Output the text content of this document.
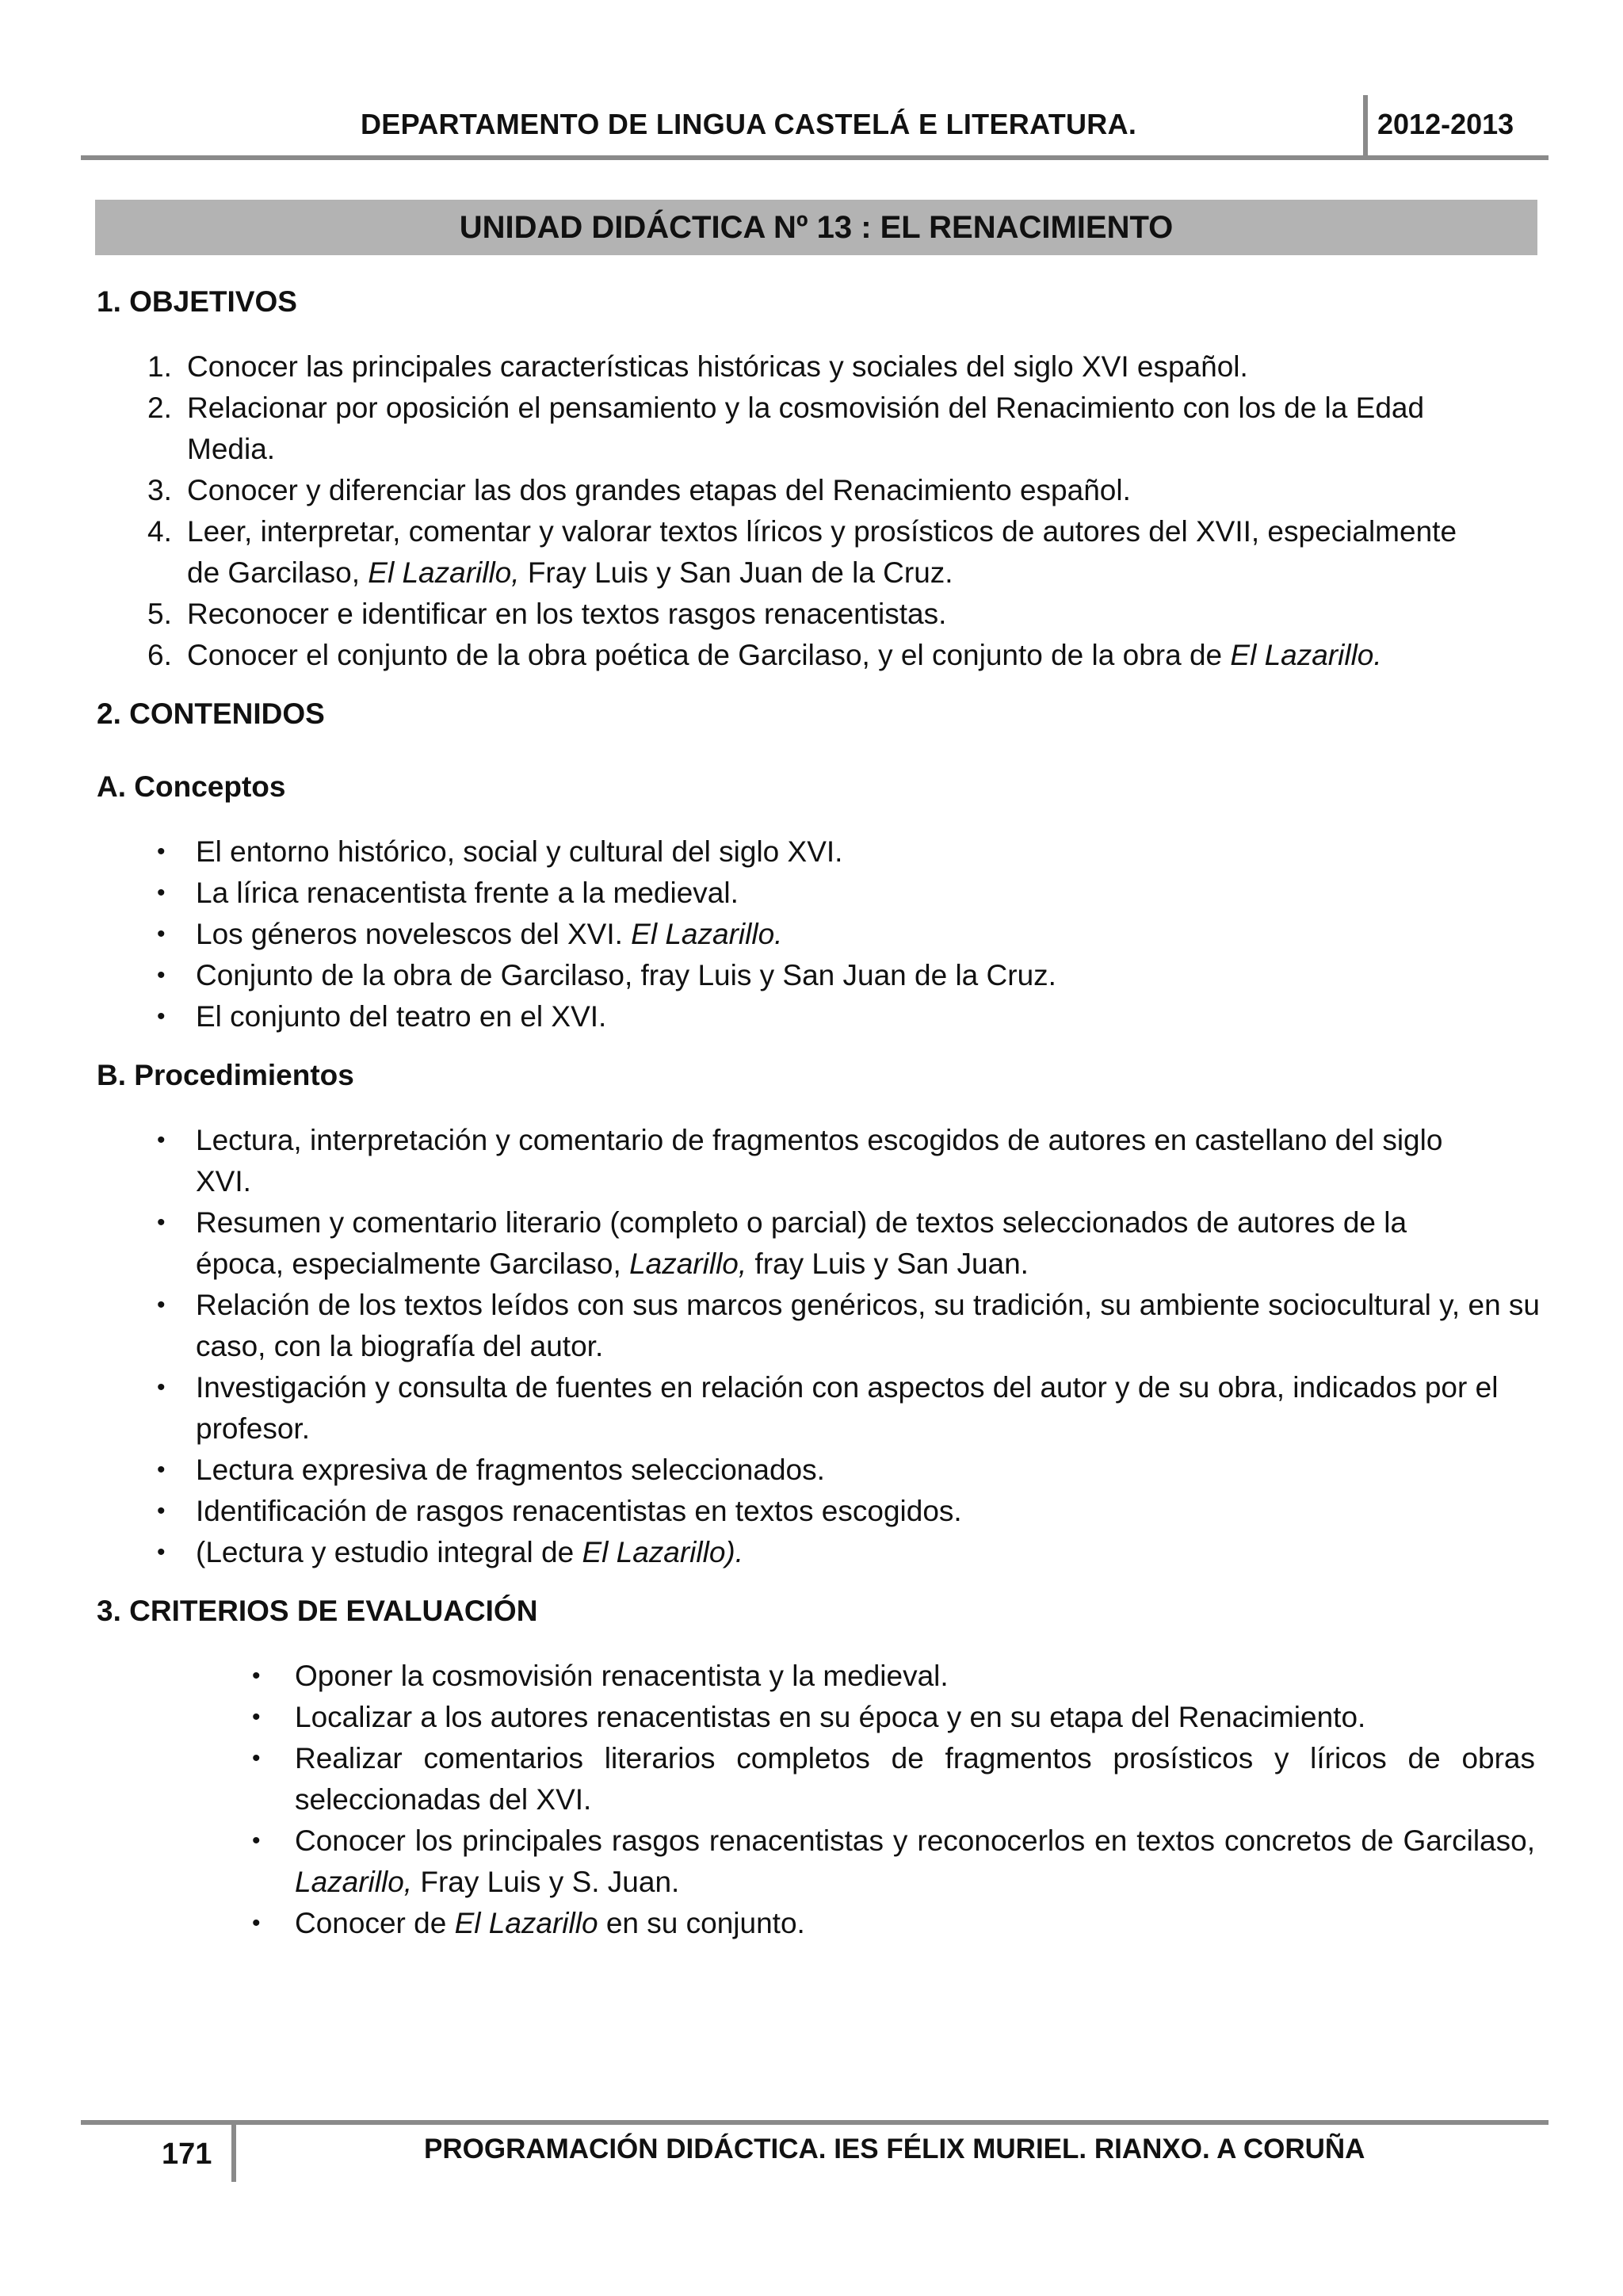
DEPARTAMENTO DE LINGUA CASTELÁ E LITERATURA.	2012-2013
UNIDAD DIDÁCTICA Nº 13 : EL RENACIMIENTO

1. OBJETIVOS

1. Conocer las principales características históricas y sociales del siglo XVI español.
2. Relacionar por oposición el pensamiento y la cosmovisión del Renacimiento con los de la Edad
Media.
3. Conocer y diferenciar las dos grandes etapas del Renacimiento español.
4. Leer, interpretar, comentar y valorar textos líricos y prosísticos de autores del XVII, especialmente
de Garcilaso, El Lazarillo, Fray Luis y San Juan de la Cruz.
5. Reconocer e identificar en los textos rasgos renacentistas.
6. Conocer el conjunto de la obra poética de Garcilaso, y el conjunto de la obra de El Lazarillo.

2. CONTENIDOS

A. Conceptos

• El entorno histórico, social y cultural del siglo XVI.
• La lírica renacentista frente a la medieval.
• Los géneros novelescos del XVI. El Lazarillo.
• Conjunto de la obra de Garcilaso, fray Luis y San Juan de la Cruz.
• El conjunto del teatro en el XVI.

B. Procedimientos

• Lectura, interpretación y comentario de fragmentos escogidos de autores en castellano del siglo
XVI.
• Resumen y comentario literario (completo o parcial) de textos seleccionados de autores de la
época, especialmente Garcilaso, Lazarillo, fray Luis y San Juan.
• Relación de los textos leídos con sus marcos genéricos, su tradición, su ambiente sociocultural y, en su
caso, con la biografía del autor.
• Investigación y consulta de fuentes en relación con aspectos del autor y de su obra, indicados por el
profesor.
• Lectura expresiva de fragmentos seleccionados.
• Identificación de rasgos renacentistas en textos escogidos.
• (Lectura y estudio integral de El Lazarillo).

3. CRITERIOS DE EVALUACIÓN

• Oponer la cosmovisión renacentista y la medieval.
• Localizar a los autores renacentistas en su época y en su etapa del Renacimiento.
• Realizar comentarios literarios completos de fragmentos prosísticos y líricos de obras seleccionadas del XVI.
• Conocer los principales rasgos renacentistas y reconocerlos en textos concretos de Garcilaso, Lazarillo, Fray Luis y S. Juan.
• Conocer de El Lazarillo en su conjunto.
171	PROGRAMACIÓN DIDÁCTICA. IES FÉLIX MURIEL. RIANXO. A CORUÑA
